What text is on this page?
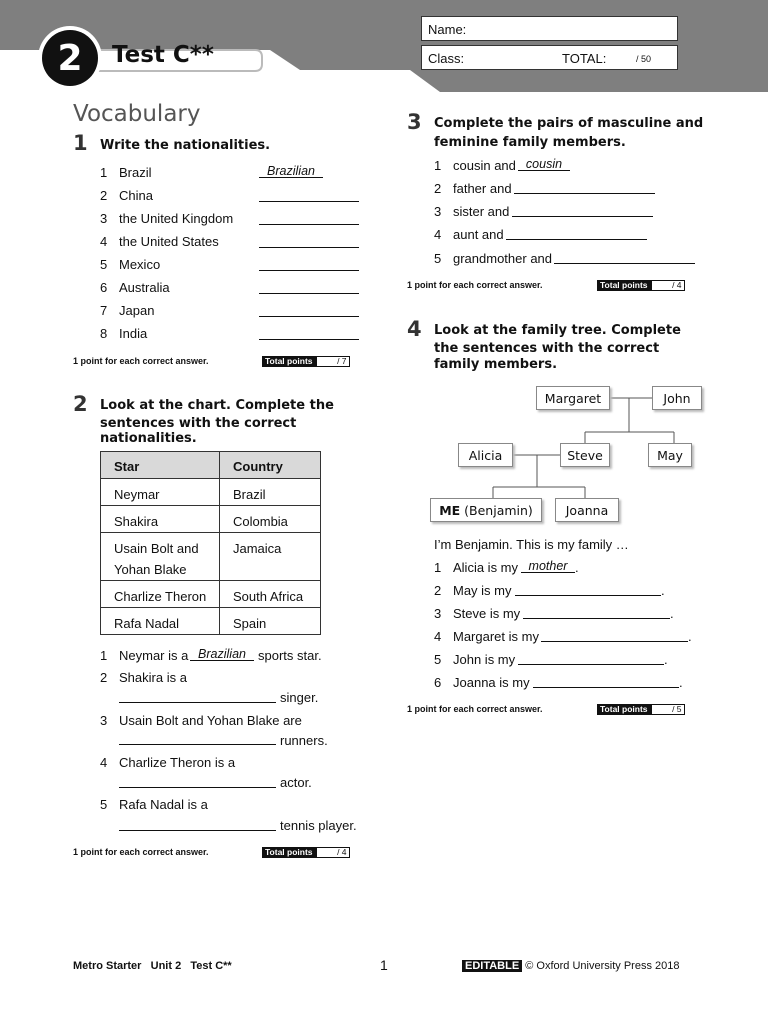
2	Test C**
Name:
Class:	TOTAL:	/ 50
Vocabulary
1 Write the nationalities.
1 Brazil	Brazilian
2 China
3 the United Kingdom
4 the United States
5 Mexico
6 Australia
7 Japan
8 India
1 point for each correct answer.	Total points	/ 7
2 Look at the chart. Complete the
sentences with the correct
nationalities.
Star	Country
Neymar	Brazil
Shakira	Colombia

Usain Bolt and
Yohan Blake	Jamaica
Charlize Theron	South Africa
Rafa Nadal	Spain
1 Neymar is a Brazilian sports star.
2 Shakira is a
singer.
3 Usain Bolt and Yohan Blake are
runners.
4 Charlize Theron is a
actor.
5 Rafa Nadal is a
tennis player.
1 point for each correct answer.	Total points	/ 4
3 Complete the pairs of masculine and
feminine family members.
1 cousin and cousin
2 father and
3 sister and
4 aunt and
5 grandmother and
1 point for each correct answer.	Total points	/ 4
4 Look at the family tree. Complete
the sentences with the correct
family members.
Margaret	John
Alicia	Steve	May
ME
(Benjamin)	Joanna
I’m Benjamin. This is my family …
1 Alicia is my mother .
2 May is my	.
3 Steve is my	.
4 Margaret is my	.
5 John is my	.
6 Joanna is my	.
1 point for each correct answer.	Total points	/ 5
Metro Starter   Unit 2   Test C**	1	EDITABLE © Oxford University Press 2018
